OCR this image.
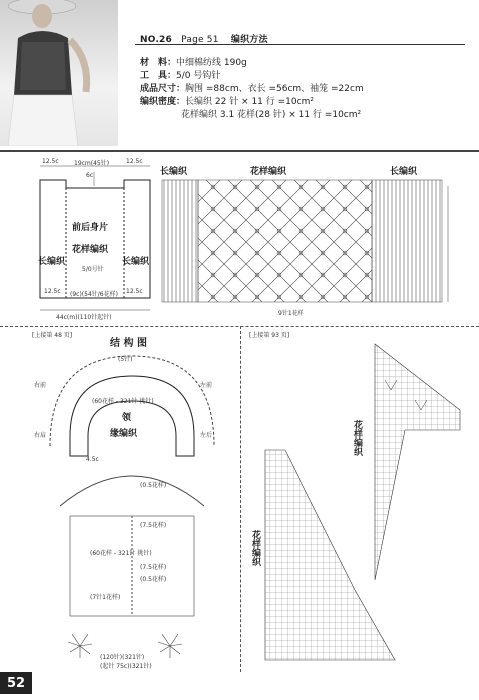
NO.26 Page 51 编织方法
材　料：中细棉纺线 190g
工　具：5/0 号钩针
成品尺寸：胸围 =88cm、衣长 =56cm、袖笼 =22cm
编织密度：长编织 22 针 × 11 行 =10cm²
花样编织 3.1 花样(28 针) × 11 行 =10cm²
12.5c	19cm(45针)	12.5c
6c
前后身片
花样编织
5/0号针
长编织	长编织
12.5c	12.5c
(9c)(54针/6花样)
44c(m)(110针起针)
长编织	花样编织	长编织
9针1花样
[上接第 48 页]
结 构 图
(5针)
领
缘编织
右前
右肩
左前
左后
(60花样 - 321针 挑针)
4.5c
(0.5花样)
(7.5花样)
(60花样 - 321针 挑针)
(7.5花样)
(0.5花样)
(7针1花样)
(120针)(321针)
(起针 75c)(321针)
[上接第 93 页]
花样编织
花样编织
52
